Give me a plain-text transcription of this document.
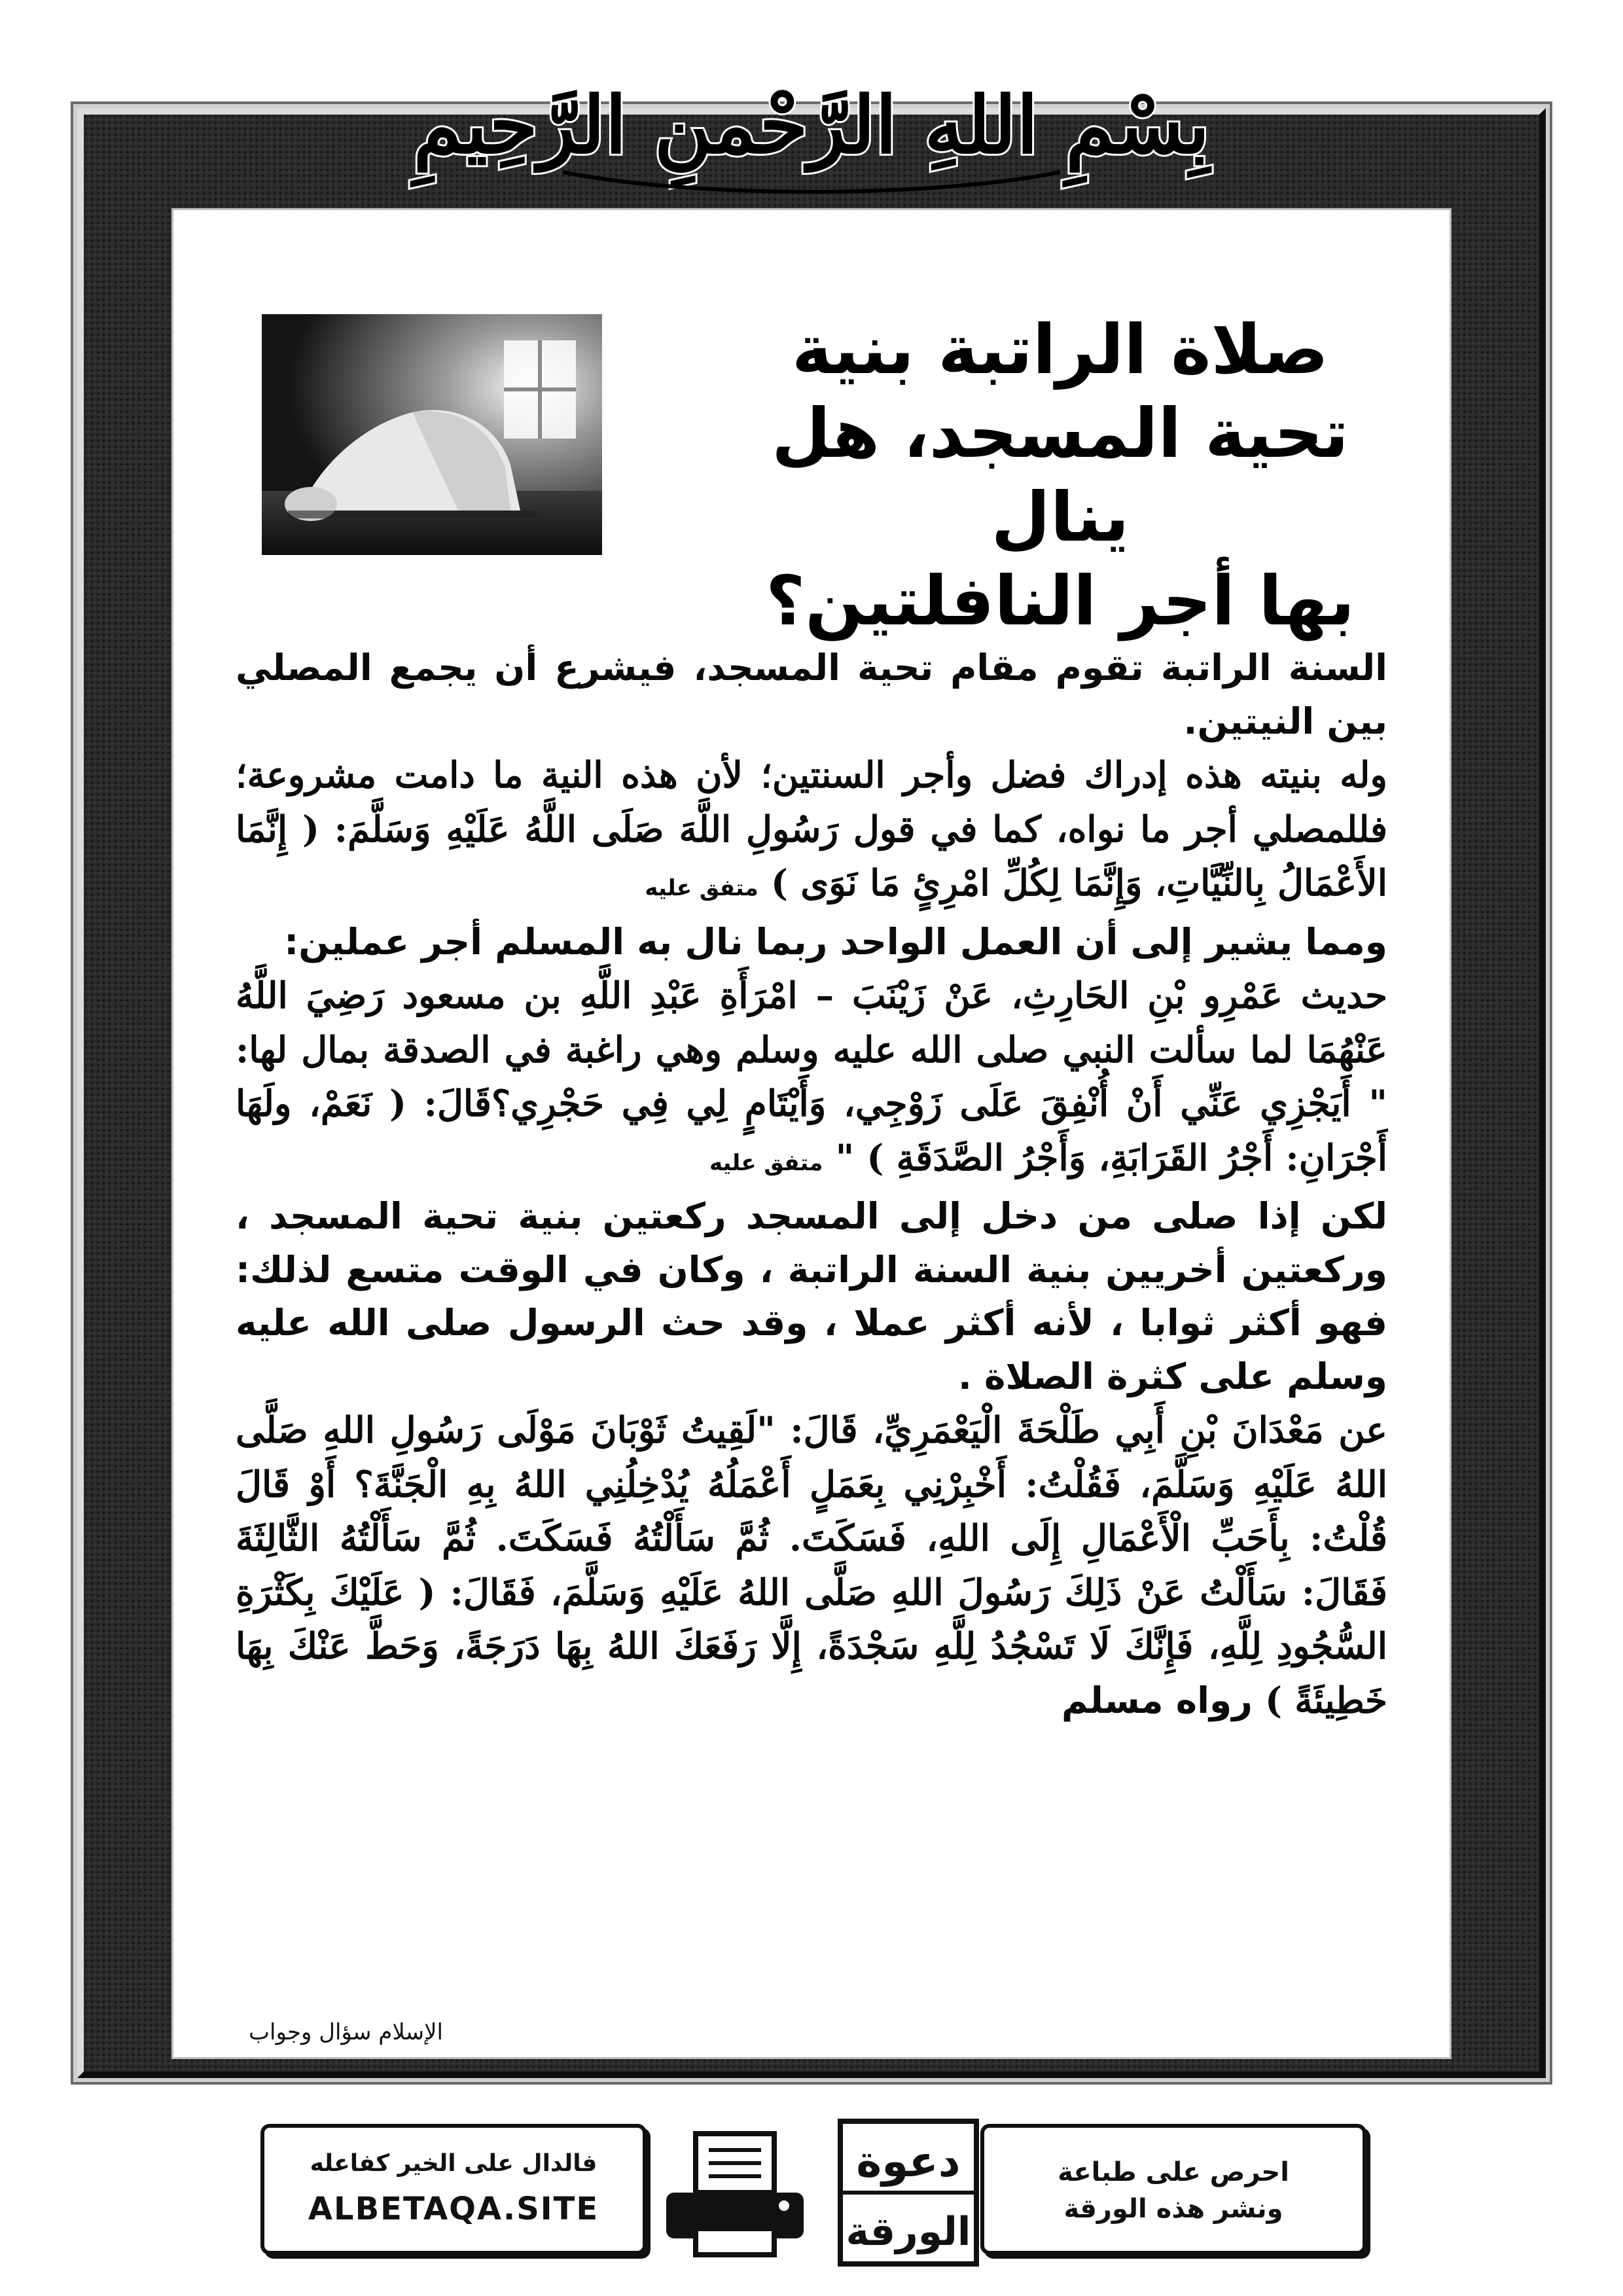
بِسْمِ اللهِ الرَّحْمنِ الرَّحِيمِ
صلاة الراتبة بنية
تحية المسجد، هل ينال
بها أجر النافلتين؟

السنة الراتبة تقوم مقام تحية المسجد، فيشرع أن يجمع المصلي بين النيتين.

وله بنيته هذه إدراك فضل وأجر السنتين؛ لأن هذه النية ما دامت مشروعة؛ فللمصلي أجر ما نواه، كما في قول رَسُولِ اللَّهَ صَلَى اللَّهُ عَلَيْهِ وَسَلَّمَ: ( إِنَّمَا الأَعْمَالُ بِالنِّيَّاتِ، وَإِنَّمَا لِكُلِّ امْرِئٍ مَا نَوَى ) متفق عليه

ومما يشير إلى أن العمل الواحد ربما نال به المسلم أجر عملين:

حديث عَمْرِو بْنِ الحَارِثِ، عَنْ زَيْنَبَ – امْرَأَةِ عَبْدِ اللَّهِ بن مسعود رَضِيَ اللَّهُ عَنْهُمَا لما سألت النبي صلى الله عليه وسلم وهي راغبة في الصدقة بمال لها: " أَيَجْزِي عَنِّي أَنْ أُنْفِقَ عَلَى زَوْجِي، وَأَيْتَامٍ لِي فِي حَجْرِي؟قَالَ: ( نَعَمْ، ولَهَا أَجْرَانِ: أَجْرُ القَرَابَةِ، وَأَجْرُ الصَّدَقَةِ ) " متفق عليه

لكن إذا صلى من دخل إلى المسجد ركعتين بنية تحية المسجد ، وركعتين أخريين بنية السنة الراتبة ، وكان في الوقت متسع لذلك: فهو أكثر ثوابا ، لأنه أكثر عملا ، وقد حث الرسول صلى الله عليه وسلم على كثرة الصلاة .

عن مَعْدَانَ بْنِ أَبِي طَلْحَةَ الْيَعْمَرِيِّ، قَالَ: "لَقِيتُ ثَوْبَانَ مَوْلَى رَسُولِ اللهِ صَلَّى اللهُ عَلَيْهِ وَسَلَّمَ، فَقُلْتُ: أَخْبِرْنِي بِعَمَلٍ أَعْمَلُهُ يُدْخِلُنِي اللهُ بِهِ الْجَنَّةَ؟ أَوْ قَالَ قُلْتُ: بِأَحَبِّ الْأَعْمَالِ إِلَى اللهِ، فَسَكَتَ. ثُمَّ سَأَلْتُهُ فَسَكَتَ. ثُمَّ سَأَلْتُهُ الثَّالِثَةَ فَقَالَ: سَأَلْتُ عَنْ ذَلِكَ رَسُولَ اللهِ صَلَّى اللهُ عَلَيْهِ وَسَلَّمَ، فَقَالَ: ( عَلَيْكَ بِكَثْرَةِ السُّجُودِ لِلَّهِ، فَإِنَّكَ لَا تَسْجُدُ لِلَّهِ سَجْدَةً، إِلَّا رَفَعَكَ اللهُ بِهَا دَرَجَةً، وَحَطَّ عَنْكَ بِهَا خَطِيئَةً ) رواه مسلم

الإسلام سؤال وجواب
احرص على طباعة
ونشر هذه الورقة
دعوة
الورقة
فالدال على الخير كفاعله
ALBETAQA.SITE
